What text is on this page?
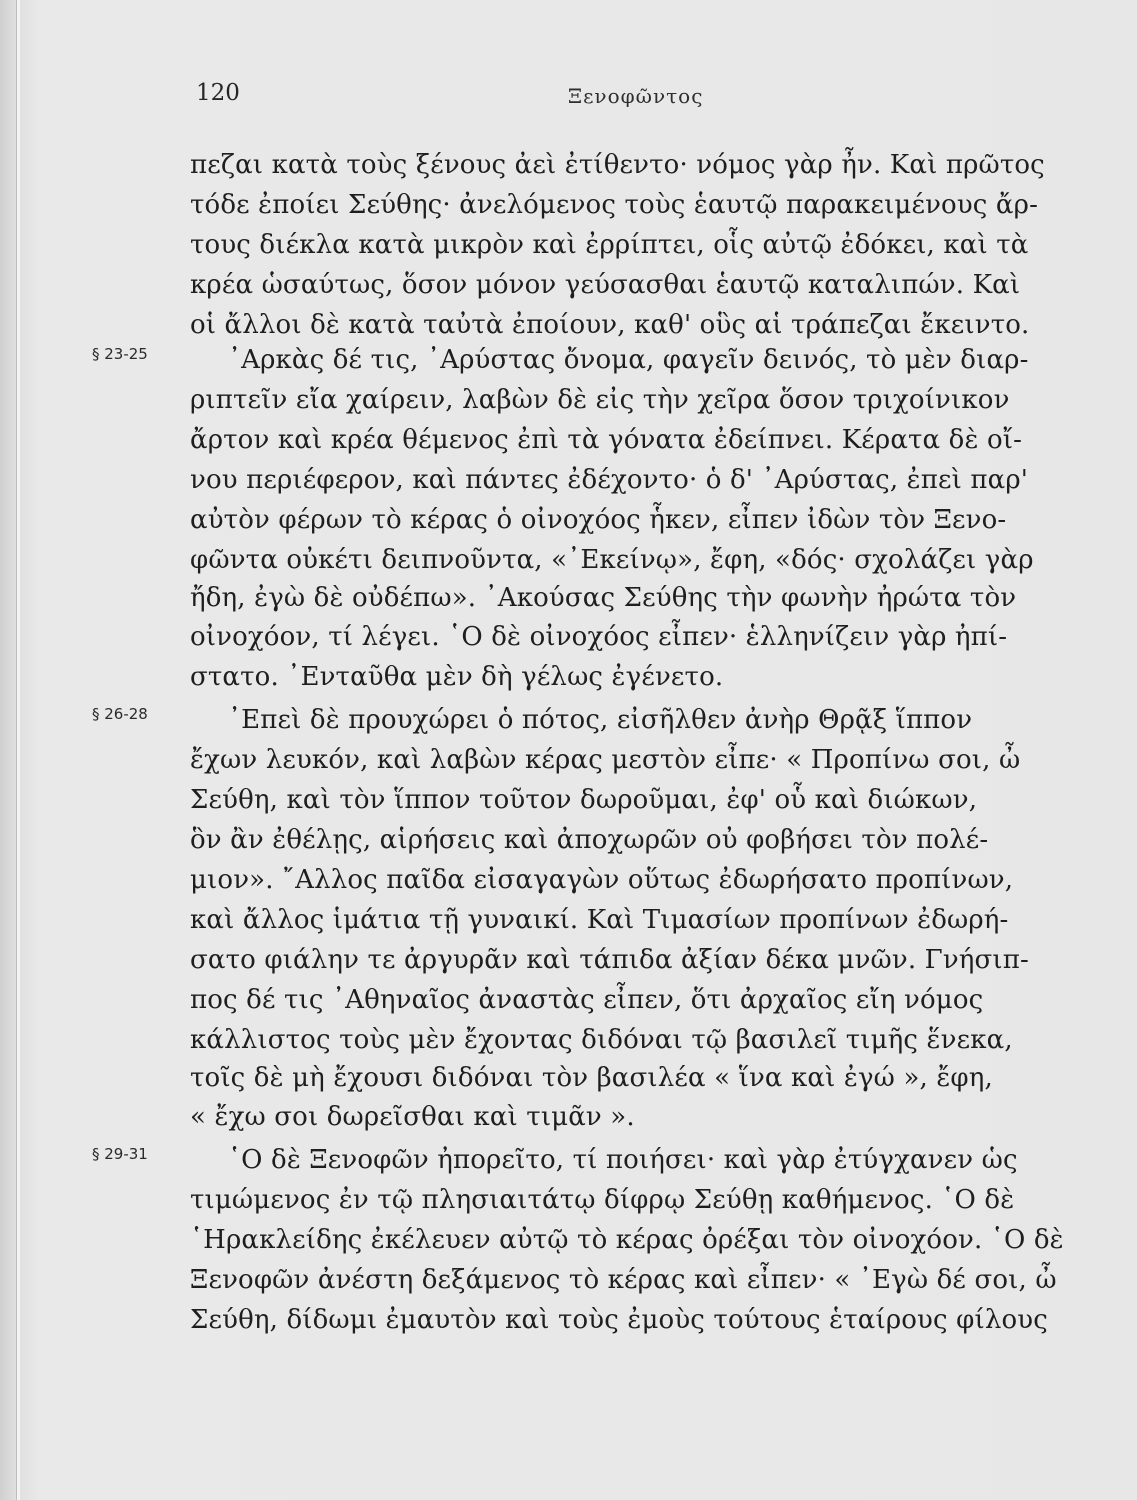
120	Ξενοφῶντος
§ 23-25
§ 26-28
§ 29-31
πεζαι κατὰ τοὺς ξένους ἀεὶ ἐτίθεντο· νόμος γὰρ ἦν. Καὶ πρῶτος
τόδε ἐποίει Σεύθης· ἀνελόμενος τοὺς ἑαυτῷ παρακειμένους ἄρ-
τους διέκλα κατὰ μικρὸν καὶ ἐρρίπτει, οἷς αὐτῷ ἐδόκει, καὶ τὰ
κρέα ὡσαύτως, ὅσον μόνον γεύσασθαι ἑαυτῷ καταλιπών. Καὶ
οἱ ἄλλοι δὲ κατὰ ταὐτὰ ἐποίουν, καθ' οὓς αἱ τράπεζαι ἔκειντο.
᾿Αρκὰς δέ τις, ᾿Αρύστας ὄνομα, φαγεῖν δεινός, τὸ μὲν διαρ-
ριπτεῖν εἴα χαίρειν, λαβὼν δὲ εἰς τὴν χεῖρα ὅσον τριχοίνικον
ἄρτον καὶ κρέα θέμενος ἐπὶ τὰ γόνατα ἐδείπνει. Κέρατα δὲ οἴ-
νου περιέφερον, καὶ πάντες ἐδέχοντο· ὁ δ' ᾿Αρύστας, ἐπεὶ παρ'
αὐτὸν φέρων τὸ κέρας ὁ οἰνοχόος ἧκεν, εἶπεν ἰδὼν τὸν Ξενο-
φῶντα οὐκέτι δειπνοῦντα, «᾿Εκείνῳ», ἔφη, «δός· σχολάζει γὰρ
ἤδη, ἐγὼ δὲ οὐδέπω». ᾿Ακούσας Σεύθης τὴν φωνὴν ἠρώτα τὸν
οἰνοχόον, τί λέγει. ῾Ο δὲ οἰνοχόος εἶπεν· ἑλληνίζειν γὰρ ἠπί-
στατο. ᾿Ενταῦθα μὲν δὴ γέλως ἐγένετο.
᾿Επεὶ δὲ προυχώρει ὁ πότος, εἰσῆλθεν ἀνὴρ Θρᾷξ ἵππον
ἔχων λευκόν, καὶ λαβὼν κέρας μεστὸν εἶπε· « Προπίνω σοι, ὦ
Σεύθη, καὶ τὸν ἵππον τοῦτον δωροῦμαι, ἐφ' οὗ καὶ διώκων,
ὃν ἂν ἐθέλῃς, αἱρήσεις καὶ ἀποχωρῶν οὐ φοβήσει τὸν πολέ-
μιον». ῎Αλλος παῖδα εἰσαγαγὼν οὕτως ἐδωρήσατο προπίνων,
καὶ ἄλλος ἱμάτια τῇ γυναικί. Καὶ Τιμασίων προπίνων ἐδωρή-
σατο φιάλην τε ἀργυρᾶν καὶ τάπιδα ἀξίαν δέκα μνῶν. Γνήσιπ-
πος δέ τις ᾿Αθηναῖος ἀναστὰς εἶπεν, ὅτι ἀρχαῖος εἴη νόμος
κάλλιστος τοὺς μὲν ἔχοντας διδόναι τῷ βασιλεῖ τιμῆς ἕνεκα,
τοῖς δὲ μὴ ἔχουσι διδόναι τὸν βασιλέα « ἵνα καὶ ἐγώ », ἔφη,
« ἔχω σοι δωρεῖσθαι καὶ τιμᾶν ».
῾Ο δὲ Ξενοφῶν ἠπορεῖτο, τί ποιήσει· καὶ γὰρ ἐτύγχανεν ὡς
τιμώμενος ἐν τῷ πλησιαιτάτῳ δίφρῳ Σεύθῃ καθήμενος. ῾Ο δὲ
῾Ηρακλείδης ἐκέλευεν αὐτῷ τὸ κέρας ὀρέξαι τὸν οἰνοχόον. ῾Ο δὲ
Ξενοφῶν ἀνέστη δεξάμενος τὸ κέρας καὶ εἶπεν· « ᾿Εγὼ δέ σοι, ὦ
Σεύθη, δίδωμι ἐμαυτὸν καὶ τοὺς ἐμοὺς τούτους ἑταίρους φίλους
